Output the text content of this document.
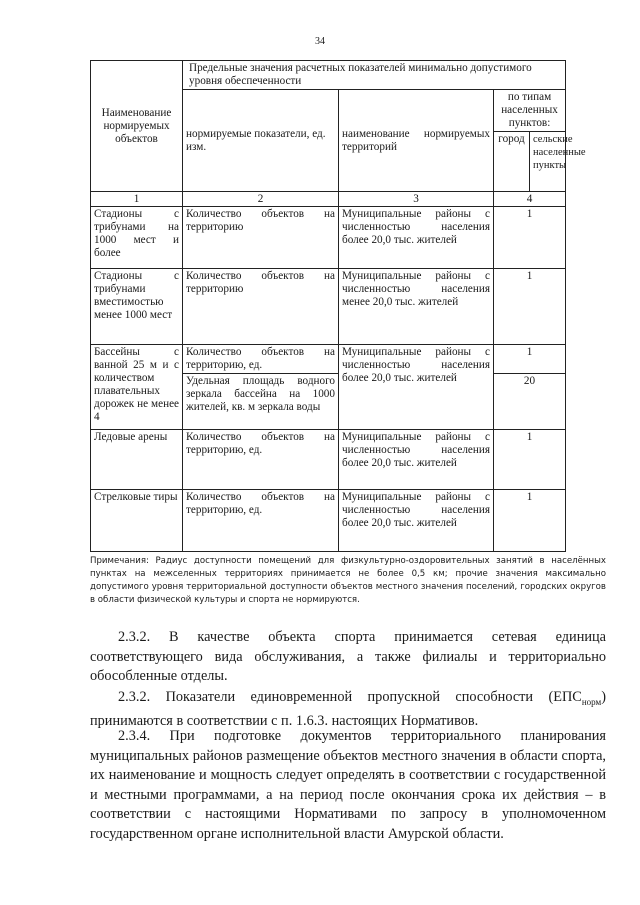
34
Наименование нормируемых объектов	Предельные значения расчетных показателей минимально допустимого уровня обеспеченности			
	нормируемые показатели, ед. изм.	наименование нормируемых территорий	по типам населенных пунктов:	
			город	сельские населенные пункты
1	2	3	4	
Стадионы с трибунами на 1000 мест и более	Количество объектов на территорию	Муниципальные районы с численностью населения более 20,0 тыс. жителей	1	
Стадионы с трибунами вместимостью менее 1000 мест	Количество объектов на территорию	Муниципальные районы с численностью населения менее 20,0 тыс. жителей	1	
Бассейны с ванной 25 м и с количеством плавательных дорожек не менее 4	Количество объектов на территорию, ед.	Муниципальные районы с численностью населения более 20,0 тыс. жителей	1	
	Удельная площадь водного зеркала бассейна на 1000 жителей, кв. м зеркала воды		20	
Ледовые арены	Количество объектов на территорию, ед.	Муниципальные районы с численностью населения более 20,0 тыс. жителей	1	
Стрелковые тиры	Количество объектов на территорию, ед.	Муниципальные районы с численностью населения более 20,0 тыс. жителей	1	
Примечания: Радиус доступности помещений для физкультурно-оздоровительных занятий в населённых пунктах на межселенных территориях принимается не более 0,5 км; прочие значения максимально допустимого уровня территориальной доступности объектов местного значения поселений, городских округов в области физической культуры и спорта не нормируются.
2.3.2. В качестве объекта спорта принимается сетевая единица соответствующего вида обслуживания, а также филиалы и территориально обособленные отделы.
2.3.2. Показатели единовременной пропускной способности $(ЕПС_{норм})$ принимаются в соответствии с п. 1.6.3. настоящих Нормативов.
2.3.4. При подготовке документов территориального планирования муниципальных районов размещение объектов местного значения в области спорта, их наименование и мощность следует определять в соответствии с государственной и местными программами, а на период после окончания срока их действия – в соответствии с настоящими Нормативами по запросу в уполномоченном государственном органе исполнительной власти Амурской области.
